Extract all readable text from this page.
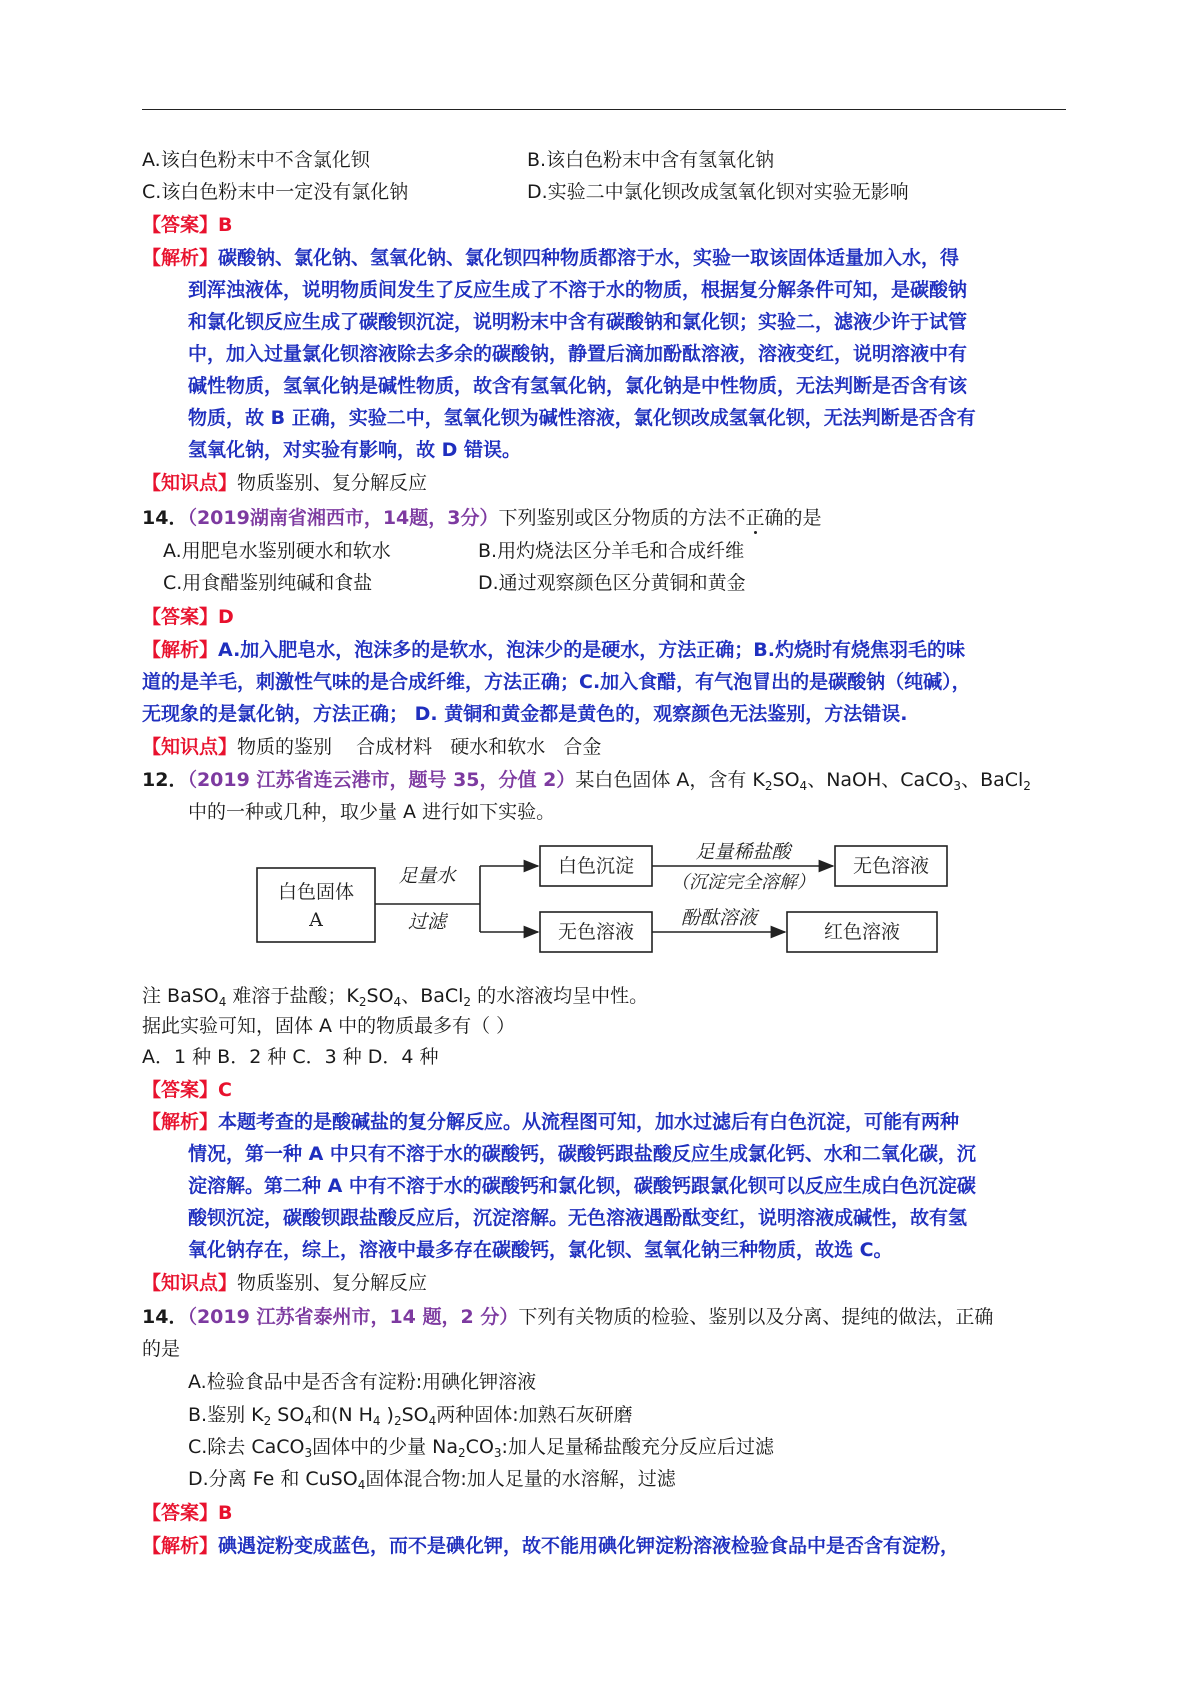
A.该白色粉末中不含氯化钡	B.该白色粉末中含有氢氧化钠
C.该白色粉末中一定没有氯化钠	D.实验二中氯化钡改成氢氧化钡对实验无影响
【答案】B
【解析】碳酸钠、氯化钠、氢氧化钠、氯化钡四种物质都溶于水，实验一取该固体适量加入水，得
到浑浊液体，说明物质间发生了反应生成了不溶于水的物质，根据复分解条件可知，是碳酸钠
和氯化钡反应生成了碳酸钡沉淀，说明粉末中含有碳酸钠和氯化钡；实验二，滤液少许于试管
中，加入过量氯化钡溶液除去多余的碳酸钠，静置后滴加酚酞溶液，溶液变红，说明溶液中有
碱性物质，氢氧化钠是碱性物质，故含有氢氧化钠，氯化钠是中性物质，无法判断是否含有该
物质，故 B 正确，实验二中，氢氧化钡为碱性溶液，氯化钡改成氢氧化钡，无法判断是否含有
氢氧化钠，对实验有影响，故 D 错误。
【知识点】物质鉴别、复分解反应
14．（2019湖南省湘西市，14题，3分）下列鉴别或区分物质的方法不正确的是
A.用肥皂水鉴别硬水和软水	B.用灼烧法区分羊毛和合成纤维
C.用食醋鉴别纯碱和食盐	D.通过观察颜色区分黄铜和黄金
【答案】D
【解析】A.加入肥皂水，泡沫多的是软水，泡沫少的是硬水，方法正确；B.灼烧时有烧焦羽毛的味
道的是羊毛，刺激性气味的是合成纤维，方法正确；C.加入食醋，有气泡冒出的是碳酸钠（纯碱），
无现象的是氯化钠，方法正确； D. 黄铜和黄金都是黄色的，观察颜色无法鉴别，方法错误.
【知识点】物质的鉴别    合成材料   硬水和软水   合金
12．（2019 江苏省连云港市，题号 35，分值 2）某白色固体 A，含有 $K_2SO_4$、NaOH、CaCO$_3$、BaCl$_2$
中的一种或几种，取少量 A 进行如下实验。
白色固体
A
足量水
过滤
白色沉淀
无色溶液
足量稀盐酸
（沉淀完全溶解）
无色溶液
酚酞溶液
红色溶液
注 BaSO$_4$ 难溶于盐酸；$K_2SO_4$、BaCl$_2$ 的水溶液均呈中性。
据此实验可知，固体 A 中的物质最多有（ ）
A．1 种 B．2 种 C．3 种 D．4 种
【答案】C
【解析】本题考查的是酸碱盐的复分解反应。从流程图可知，加水过滤后有白色沉淀，可能有两种
情况，第一种 A 中只有不溶于水的碳酸钙，碳酸钙跟盐酸反应生成氯化钙、水和二氧化碳，沉
淀溶解。第二种 A 中有不溶于水的碳酸钙和氯化钡，碳酸钙跟氯化钡可以反应生成白色沉淀碳
酸钡沉淀，碳酸钡跟盐酸反应后，沉淀溶解。无色溶液遇酚酞变红，说明溶液成碱性，故有氢
氧化钠存在，综上，溶液中最多存在碳酸钙，氯化钡、氢氧化钠三种物质，故选 C。
【知识点】物质鉴别、复分解反应
14．（2019 江苏省泰州市，14 题，2 分）下列有关物质的检验、鉴别以及分离、提纯的做法，正确
的是
A.检验食品中是否含有淀粉:用碘化钾溶液
B.鉴别 $K_2$ $SO_4$和(N $H_4$ )$_2SO_4$两种固体:加熟石灰研磨
C.除去 CaCO$_3$固体中的少量 $Na_2CO_3$:加人足量稀盐酸充分反应后过滤
D.分离 Fe 和 CuSO$_4$固体混合物:加人足量的水溶解，过滤
【答案】B
【解析】碘遇淀粉变成蓝色，而不是碘化钾，故不能用碘化钾淀粉溶液检验食品中是否含有淀粉，
